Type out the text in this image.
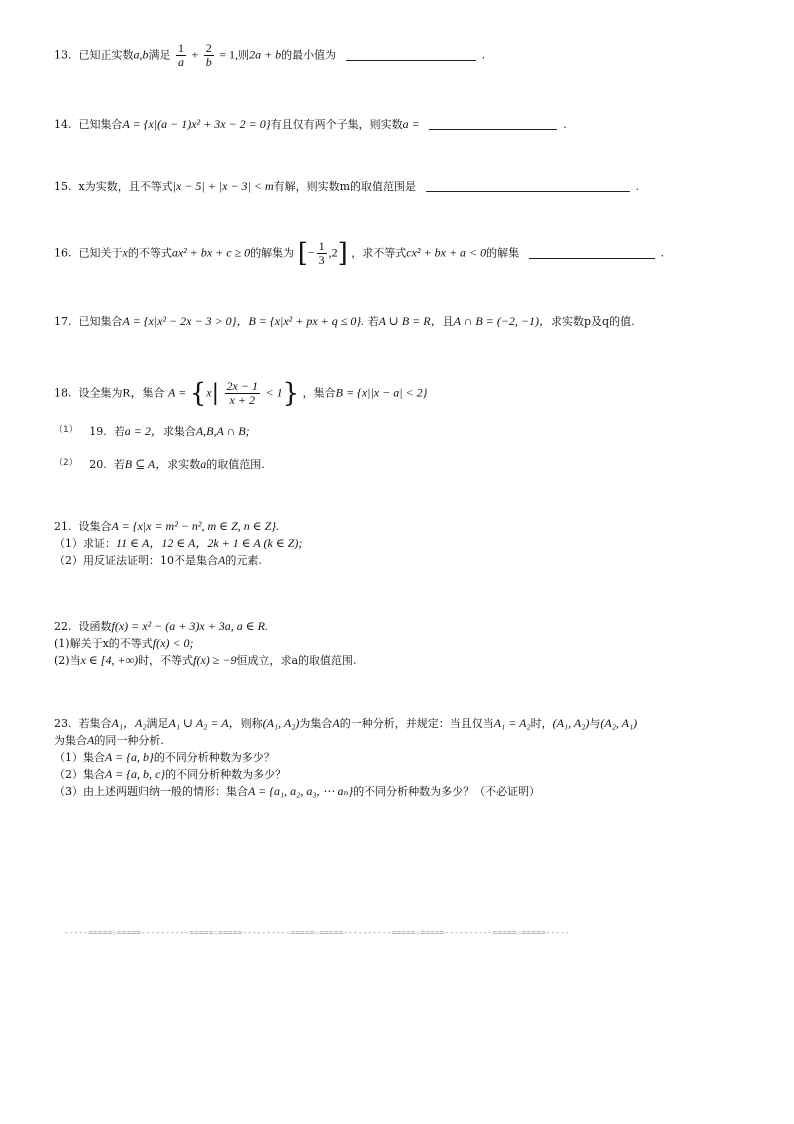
13. 已知正实数a,b满足 $\frac{1}{a} + \frac{2}{b} = 1$,则2a + b的最小值为	.
14. 已知集合A = {x|(a − 1)x² + 3x − 2 = 0}有且仅有两个子集，则实数a =	.
15. x为实数，且不等式|x − 5| + |x − 3| < m有解，则实数m的取值范围是	.
16. 已知关于x的不等式ax² + bx + c ≥ 0的解集为 [− $\frac{1}{3} ,2$] ，求不等式cx² + bx + a < 0的解集	.
17. 已知集合A = {x|x² − 2x − 3 > 0}，B = {x|x² + px + q ≤ 0}. 若A ∪ B = R，且A ∩ B = (−2, −1)，求实数p及q的值.
18. 设全集为R，集合 $A = \{x| \frac{2x - 1}{x + 2} < 1\}$ ，集合B = {x||x − a| < 2}
$^{(1)}$ 19. 若a = 2，求集合A,B,A ∩ B;
$^{(2)}$ 20. 若B ⊆ A，求实数a的取值范围.
21. 设集合A = {x|x = m² − n², m ∈ Z, n ∈ Z}.
（1）求证：11 ∈ A，12 ∈ A，2k + 1 ∈ A (k ∈ Z);
（2）用反证法证明：10不是集合A的元素.
22. 设函数f(x) = x² − (a + 3)x + 3a, a ∈ R.
(1)解关于x的不等式f(x) < 0;
(2)当x ∈ [4, +∞)时，不等式f(x) ≥ −9恒成立，求a的取值范围.
23. 若集合A₁，A₂满足A₁ ∪ A₂ = A，则称(A₁, A₂)为集合A的一种分析，并规定：当且仅当A₁ = A₂时，(A₁, A₂)与(A₂, A₁)
为集合A的同一种分析.
（1）集合A = {a, b}的不同分析种数为多少？
（2）集合A = {a, b, c}的不同分析种数为多少？
（3）由上述两题归纳一般的情形：集合A = {a₁, a₂, a₃, ⋯ aₙ}的不同分析种数为多少？（不必证明）
-----=====☆=====----------=====☆=====----------=====☆=====----------=====☆=====----------=====☆=====-----
